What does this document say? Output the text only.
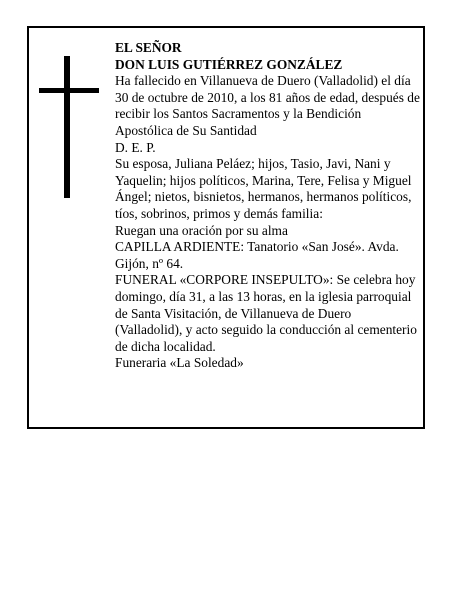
EL SEÑOR

DON LUIS GUTIÉRREZ GONZÁLEZ

Ha fallecido en Villanueva de Duero (Valladolid) el día 30 de octubre de 2010, a los 81 años de edad, después de recibir los Santos Sacramentos y la Bendición Apostólica de Su Santidad

D. E. P.

Su esposa, Juliana Peláez; hijos, Tasio, Javi, Nani y Yaquelin; hijos políticos, Marina, Tere, Felisa y Miguel Ángel; nietos, bisnietos, hermanos, hermanos políticos, tíos, sobrinos, primos y demás familia:

Ruegan una oración por su alma

CAPILLA ARDIENTE: Tanatorio «San José». Avda. Gijón, nº 64.

FUNERAL «CORPORE INSEPULTO»: Se celebra hoy domingo, día 31, a las 13 horas, en la iglesia parroquial de Santa Visitación, de Villanueva de Duero (Valladolid), y acto seguido la conducción al cementerio de dicha localidad.

Funeraria «La Soledad»
